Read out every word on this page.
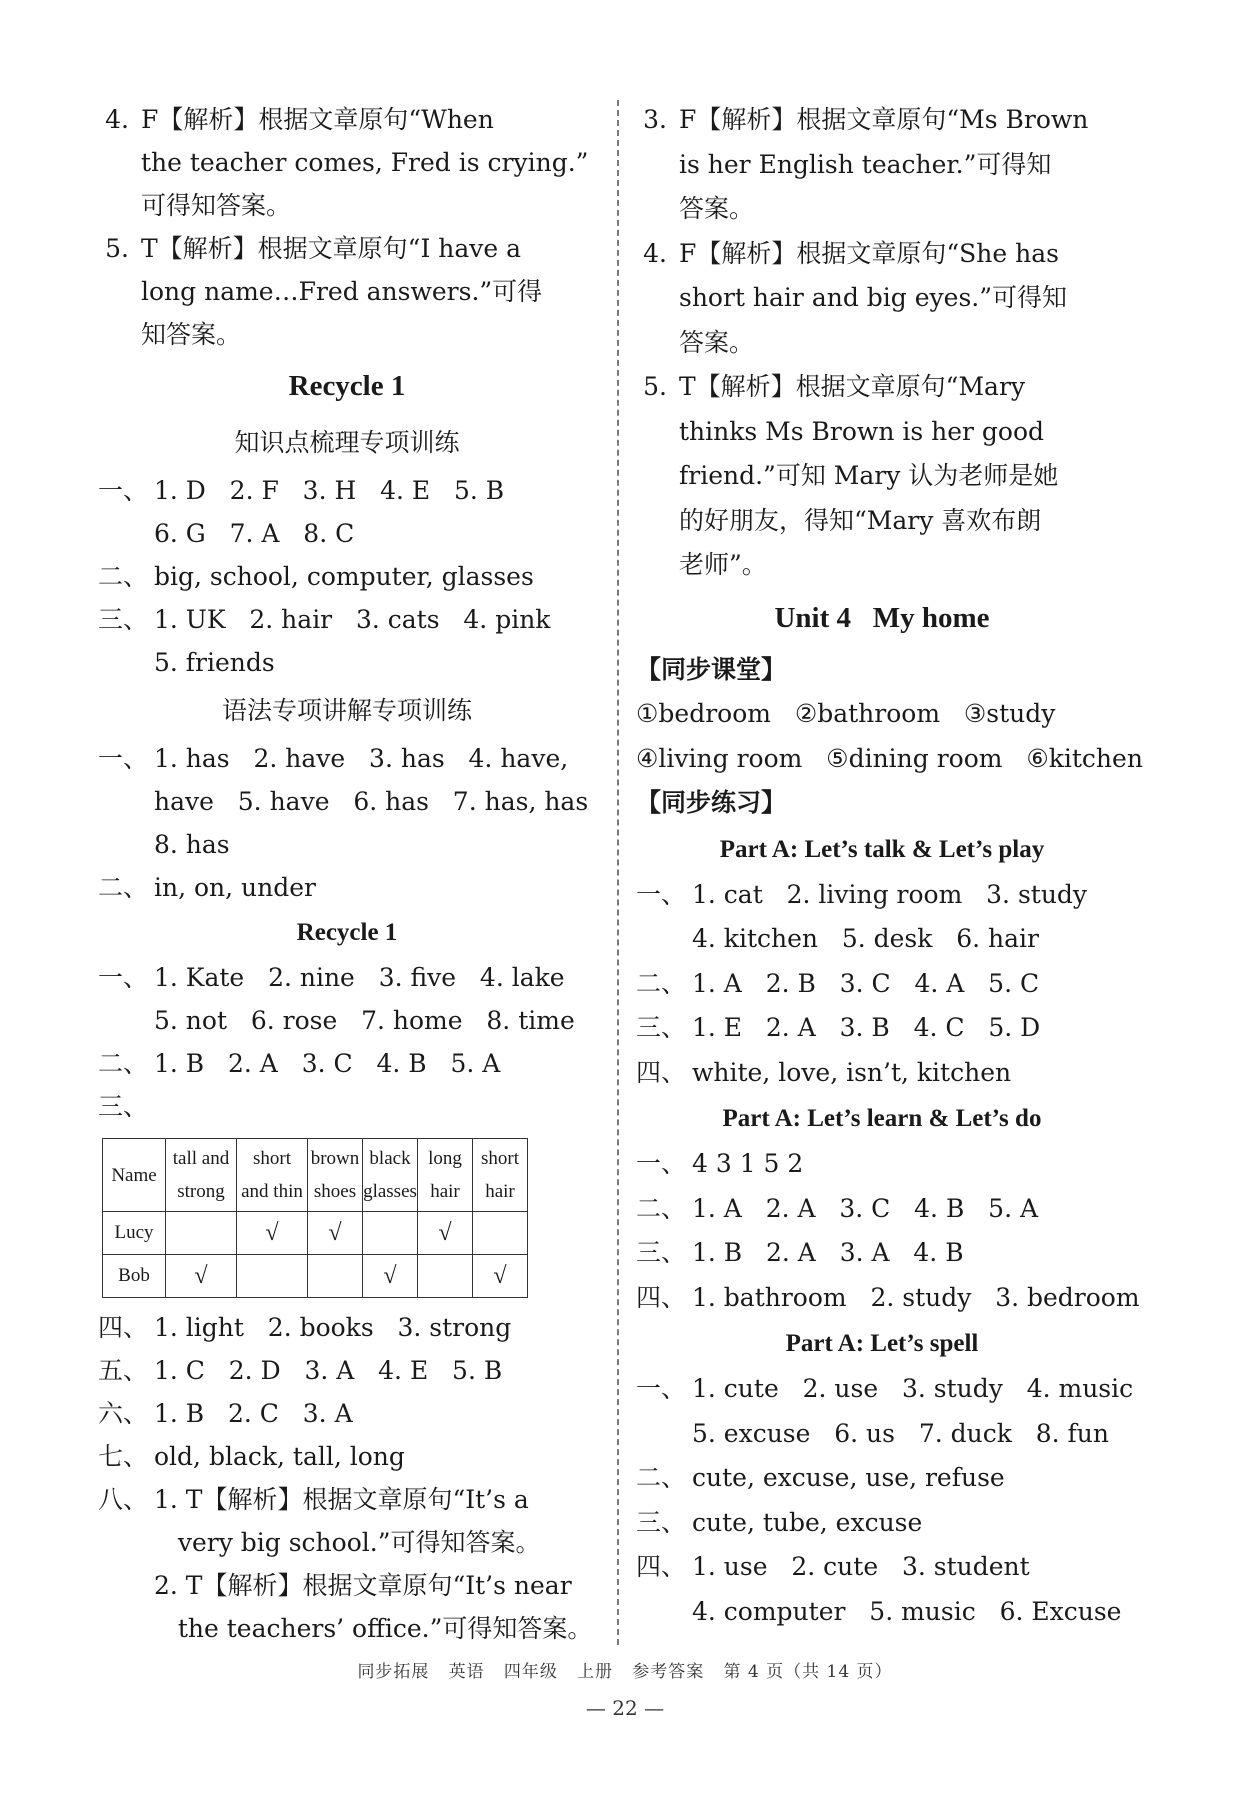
4. F【解析】根据文章原句“When
the teacher comes, Fred is crying.”
可得知答案。
5. T【解析】根据文章原句“I have a
long name…Fred answers.”可得
知答案。
Recycle 1
知识点梳理专项训练
一、 1. D   2. F   3. H   4. E   5. B
6. G   7. A   8. C
二、 big, school, computer, glasses
三、 1. UK   2. hair   3. cats   4. pink
5. friends
语法专项讲解专项训练
一、 1. has   2. have   3. has   4. have,
have   5. have   6. has   7. has, has
8. has
二、 in, on, under
Recycle 1
一、 1. Kate   2. nine   3. five   4. lake
5. not   6. rose   7. home   8. time
二、 1. B   2. A   3. C   4. B   5. A
三、
Name	tall and strong	short and thin	brown shoes	black glasses	long hair	short hair
Lucy		√	√		√	
Bob	√			√		√
四、 1. light   2. books   3. strong
五、 1. C   2. D   3. A   4. E   5. B
六、 1. B   2. C   3. A
七、 old, black, tall, long
八、 1. T【解析】根据文章原句“It’s a
very big school.”可得知答案。
2. T【解析】根据文章原句“It’s near
the teachers’ office.”可得知答案。
3. F【解析】根据文章原句“Ms Brown
is her English teacher.”可得知
答案。
4. F【解析】根据文章原句“She has
short hair and big eyes.”可得知
答案。
5. T【解析】根据文章原句“Mary
thinks Ms Brown is her good
friend.”可知 Mary 认为老师是她
的好朋友，得知“Mary 喜欢布朗
老师”。
Unit 4   My home
【同步课堂】
①bedroom   ②bathroom   ③study
④living room   ⑤dining room   ⑥kitchen
【同步练习】
Part A: Let’s talk & Let’s play
一、 1. cat   2. living room   3. study
4. kitchen   5. desk   6. hair
二、 1. A   2. B   3. C   4. A   5. C
三、 1. E   2. A   3. B   4. C   5. D
四、 white, love, isn’t, kitchen
Part A: Let’s learn & Let’s do
一、 4 3 1 5 2
二、 1. A   2. A   3. C   4. B   5. A
三、 1. B   2. A   3. A   4. B
四、 1. bathroom   2. study   3. bedroom
Part A: Let’s spell
一、 1. cute   2. use   3. study   4. music
5. excuse   6. us   7. duck   8. fun
二、 cute, excuse, use, refuse
三、 cute, tube, excuse
四、 1. use   2. cute   3. student
4. computer   5. music   6. Excuse
同步拓展   英语   四年级   上册   参考答案   第 4 页（共 14 页）
— 22 —
